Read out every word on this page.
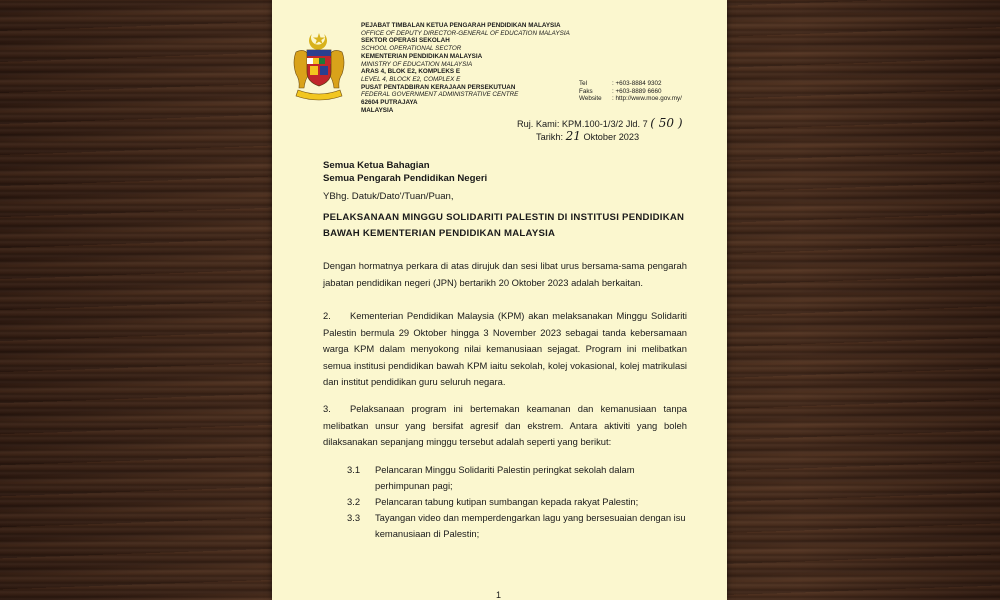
PEJABAT TIMBALAN KETUA PENGARAH PENDIDIKAN MALAYSIA
OFFICE OF DEPUTY DIRECTOR-GENERAL OF EDUCATION MALAYSIA
SEKTOR OPERASI SEKOLAH
SCHOOL OPERATIONAL SECTOR
KEMENTERIAN PENDIDIKAN MALAYSIA
MINISTRY OF EDUCATION MALAYSIA
ARAS 4, BLOK E2, KOMPLEKS E
LEVEL 4, BLOCK E2, COMPLEX E
PUSAT PENTADBIRAN KERAJAAN PERSEKUTUAN
FEDERAL GOVERNMENT ADMINISTRATIVE CENTRE
62604 PUTRAJAYA
MALAYSIA
Tel	: +603-8884 9302
Faks	: +603-8889 6660
Website	: http://www.moe.gov.my/
Ruj. Kami: KPM.100-1/3/2 Jld. 7 ( 50 )
Tarikh: 21 Oktober 2023
Semua Ketua Bahagian
Semua Pengarah Pendidikan Negeri
YBhg. Datuk/Dato'/Tuan/Puan,
PELAKSANAAN MINGGU SOLIDARITI PALESTIN DI INSTITUSI PENDIDIKAN BAWAH KEMENTERIAN PENDIDIKAN MALAYSIA
Dengan hormatnya perkara di atas dirujuk dan sesi libat urus bersama-sama pengarah jabatan pendidikan negeri (JPN) bertarikh 20 Oktober 2023 adalah berkaitan.
2. Kementerian Pendidikan Malaysia (KPM) akan melaksanakan Minggu Solidariti Palestin bermula 29 Oktober hingga 3 November 2023 sebagai tanda kebersamaan warga KPM dalam menyokong nilai kemanusiaan sejagat. Program ini melibatkan semua institusi pendidikan bawah KPM iaitu sekolah, kolej vokasional, kolej matrikulasi dan institut pendidikan guru seluruh negara.
3. Pelaksanaan program ini bertemakan keamanan dan kemanusiaan tanpa melibatkan unsur yang bersifat agresif dan ekstrem. Antara aktiviti yang boleh dilaksanakan sepanjang minggu tersebut adalah seperti yang berikut:
3.1	Pelancaran Minggu Solidariti Palestin peringkat sekolah dalam perhimpunan pagi;
3.2	Pelancaran tabung kutipan sumbangan kepada rakyat Palestin;
3.3	Tayangan video dan memperdengarkan lagu yang bersesuaian dengan isu kemanusiaan di Palestin;
1
